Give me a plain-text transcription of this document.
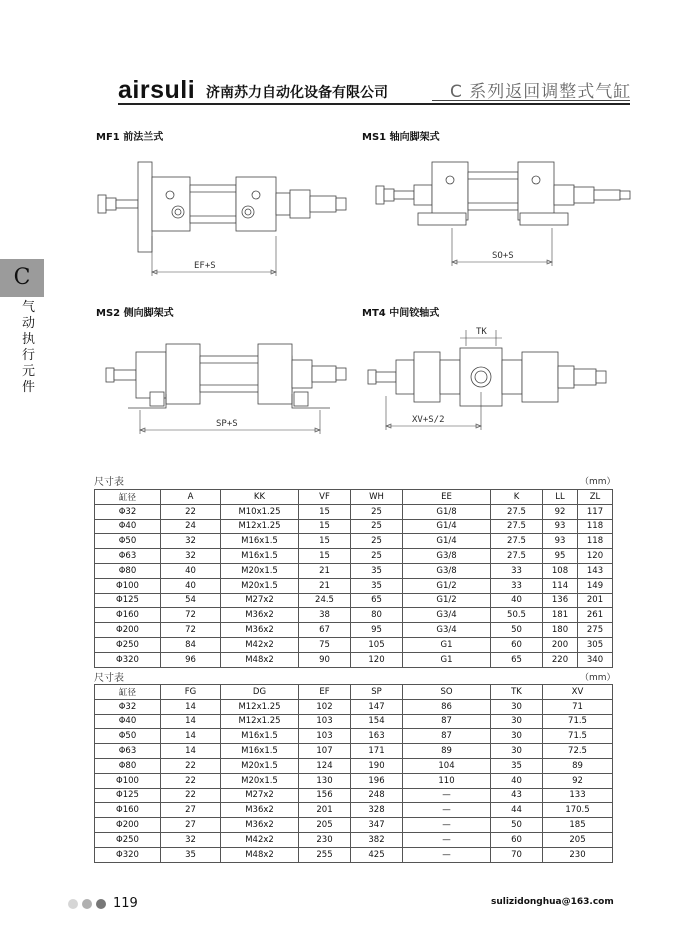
airsuli 济南苏力自动化设备有限公司	C 系列返回调整式气缸
C
气动执行元件
MF1 前法兰式	MS1 轴向脚架式
MS2 侧向脚架式	MT4 中间铰轴式
EF+S
SO+S
SP+S
TK
XV+S/2
尺寸表	（mm）
缸径	A	KK	VF	WH	EE	K	LL	ZL
Φ32	22	M10x1.25	15	25	G1/8	27.5	92	117
Φ40	24	M12x1.25	15	25	G1/4	27.5	93	118
Φ50	32	M16x1.5	15	25	G1/4	27.5	93	118
Φ63	32	M16x1.5	15	25	G3/8	27.5	95	120
Φ80	40	M20x1.5	21	35	G3/8	33	108	143
Φ100	40	M20x1.5	21	35	G1/2	33	114	149
Φ125	54	M27x2	24.5	65	G1/2	40	136	201
Φ160	72	M36x2	38	80	G3/4	50.5	181	261
Φ200	72	M36x2	67	95	G3/4	50	180	275
Φ250	84	M42x2	75	105	G1	60	200	305
Φ320	96	M48x2	90	120	G1	65	220	340
尺寸表	（mm）
缸径	FG	DG	EF	SP	SO	TK	XV
Φ32	14	M12x1.25	102	147	86	30	71
Φ40	14	M12x1.25	103	154	87	30	71.5
Φ50	14	M16x1.5	103	163	87	30	71.5
Φ63	14	M16x1.5	107	171	89	30	72.5
Φ80	22	M20x1.5	124	190	104	35	89
Φ100	22	M20x1.5	130	196	110	40	92
Φ125	22	M27x2	156	248	—	43	133
Φ160	27	M36x2	201	328	—	44	170.5
Φ200	27	M36x2	205	347	—	50	185
Φ250	32	M42x2	230	382	—	60	205
Φ320	35	M48x2	255	425	—	70	230
119	sulizidonghua@163.com
